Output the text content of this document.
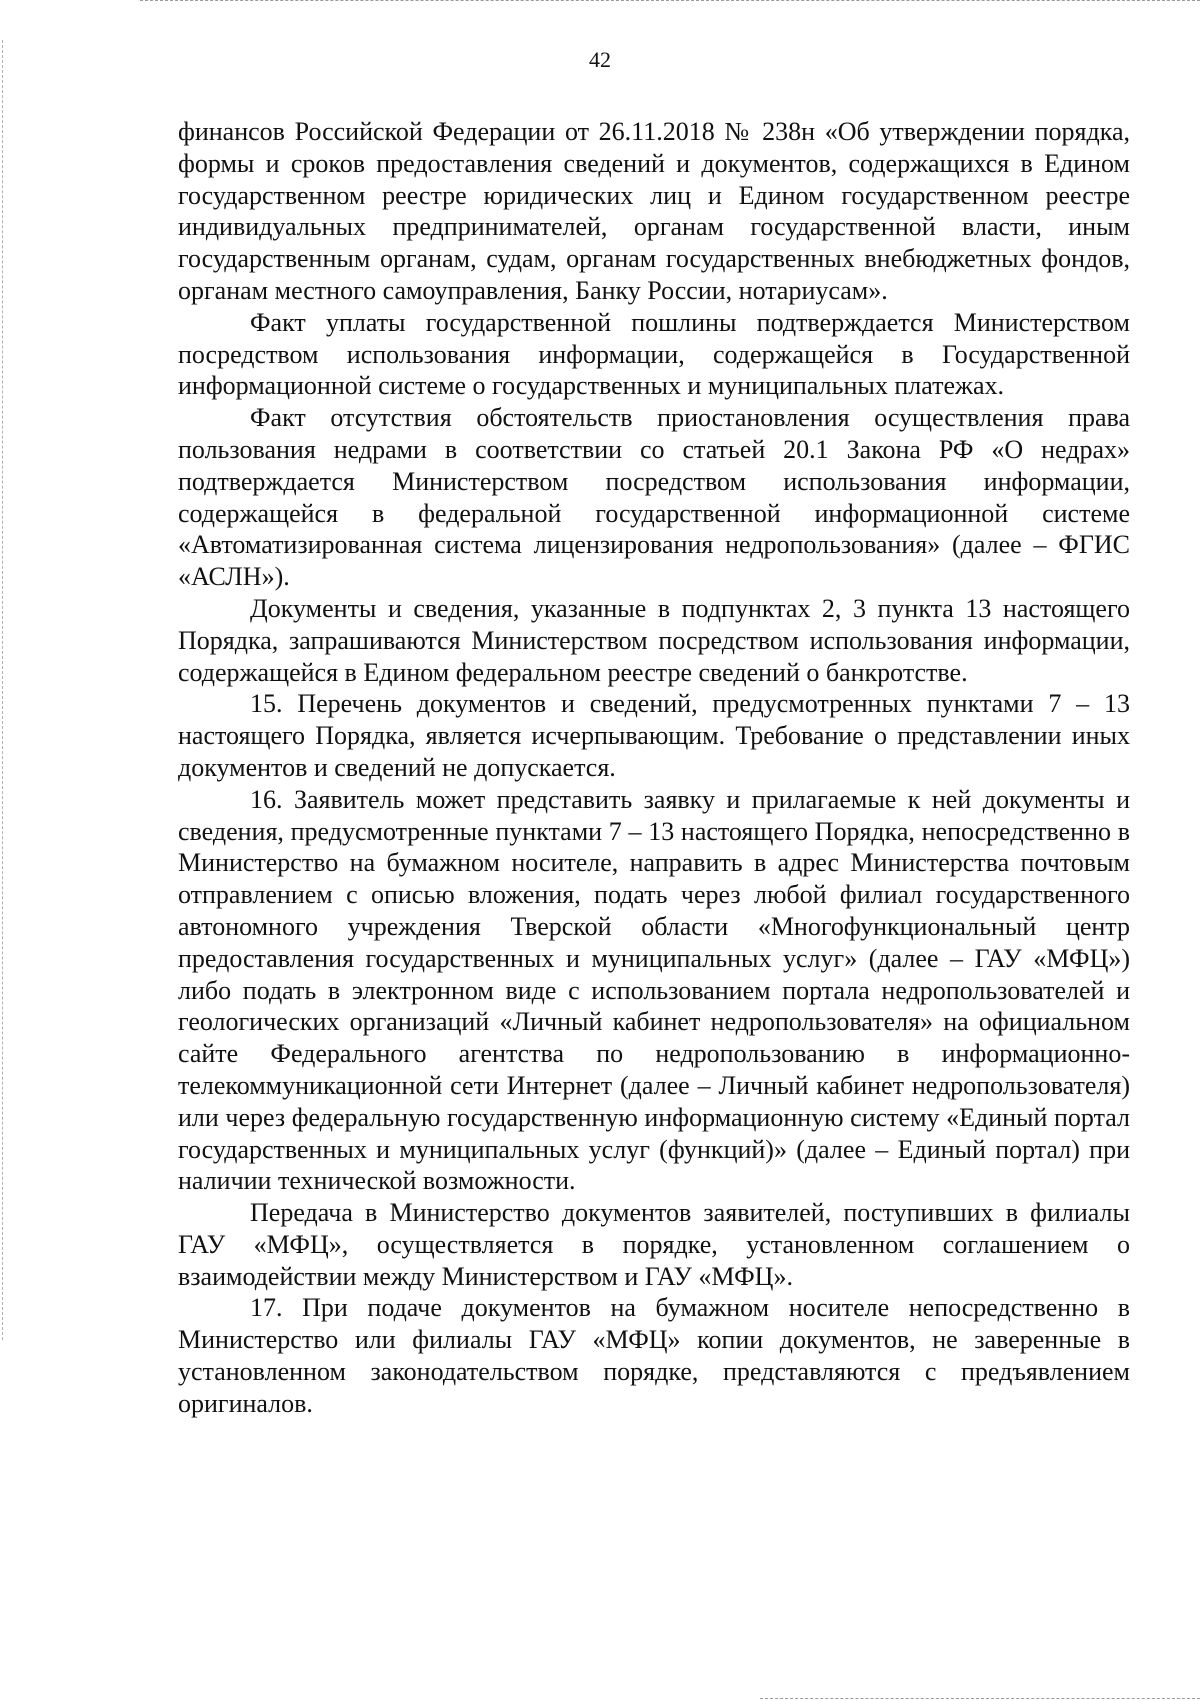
42

финансов Российской Федерации от 26.11.2018 № 238н «Об утверждении порядка, формы и сроков предоставления сведений и документов, содержащихся в Едином государственном реестре юридических лиц и Едином государственном реестре индивидуальных предпринимателей, органам государственной власти, иным государственным органам, судам, органам государственных внебюджетных фондов, органам местного самоуправления, Банку России, нотариусам».

Факт уплаты государственной пошлины подтверждается Министерством посредством использования информации, содержащейся в Государственной информационной системе о государственных и муниципальных платежах.

Факт отсутствия обстоятельств приостановления осуществления права пользования недрами в соответствии со статьей 20.1 Закона РФ «О недрах» подтверждается Министерством посредством использования информации, содержащейся в федеральной государственной информационной системе «Автоматизированная система лицензирования недропользования» (далее – ФГИС «АСЛН»).

Документы и сведения, указанные в подпунктах 2, 3 пункта 13 настоящего Порядка, запрашиваются Министерством посредством использования информации, содержащейся в Едином федеральном реестре сведений о банкротстве.

15. Перечень документов и сведений, предусмотренных пунктами 7 – 13 настоящего Порядка, является исчерпывающим. Требование о представлении иных документов и сведений не допускается.

16. Заявитель может представить заявку и прилагаемые к ней документы и сведения, предусмотренные пунктами 7 – 13 настоящего Порядка, непосредственно в Министерство на бумажном носителе, направить в адрес Министерства почтовым отправлением с описью вложения, подать через любой филиал государственного автономного учреждения Тверской области «Многофункциональный центр предоставления государственных и муниципальных услуг» (далее – ГАУ «МФЦ») либо подать в электронном виде с использованием портала недропользователей и геологических организаций «Личный кабинет недропользователя» на официальном сайте Федерального агентства по недропользованию в информационно-телекоммуникационной сети Интернет (далее – Личный кабинет недропользователя) или через федеральную государственную информационную систему «Единый портал государственных и муниципальных услуг (функций)» (далее – Единый портал) при наличии технической возможности.

Передача в Министерство документов заявителей, поступивших в филиалы ГАУ «МФЦ», осуществляется в порядке, установленном соглашением о взаимодействии между Министерством и ГАУ «МФЦ».

17. При подаче документов на бумажном носителе непосредственно в Министерство или филиалы ГАУ «МФЦ» копии документов, не заверенные в установленном законодательством порядке, представляются с предъявлением оригиналов.
